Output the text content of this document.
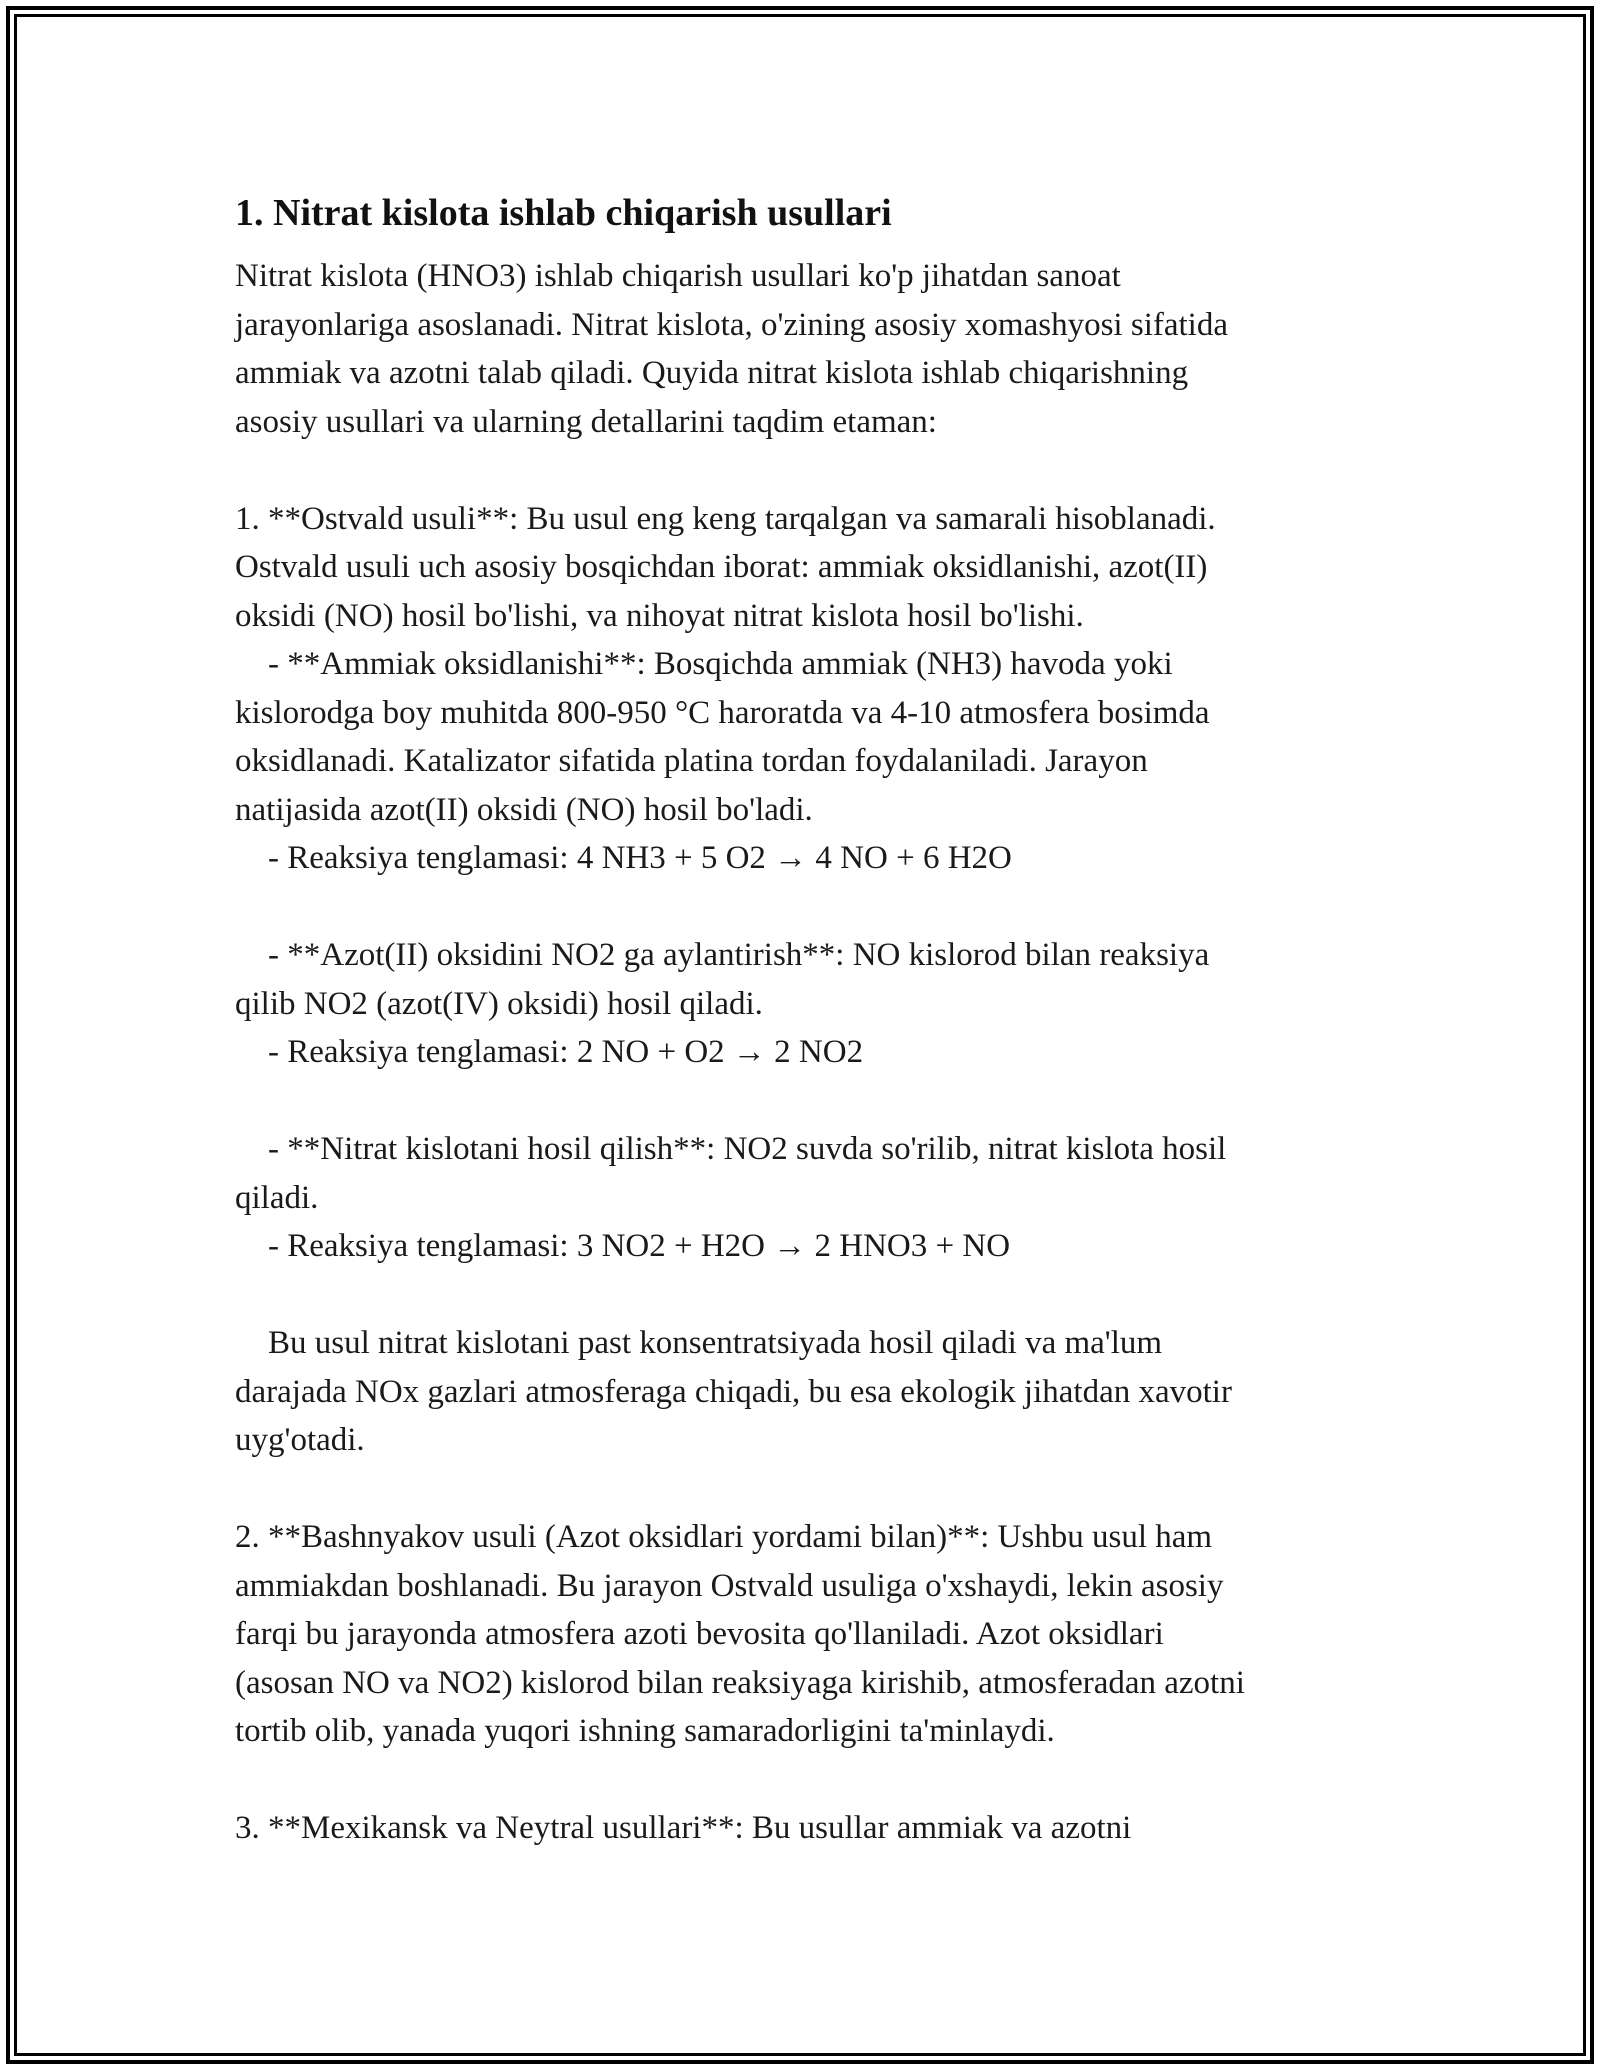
1. Nitrat kislota ishlab chiqarish usullari

Nitrat kislota (HNO3) ishlab chiqarish usullari ko'p jihatdan sanoat
jarayonlariga asoslanadi. Nitrat kislota, o'zining asosiy xomashyosi sifatida
ammiak va azotni talab qiladi. Quyida nitrat kislota ishlab chiqarishning
asosiy usullari va ularning detallarini taqdim etaman:

1. **Ostvald usuli**: Bu usul eng keng tarqalgan va samarali hisoblanadi.
Ostvald usuli uch asosiy bosqichdan iborat: ammiak oksidlanishi, azot(II)
oksidi (NO) hosil bo'lishi, va nihoyat nitrat kislota hosil bo'lishi.
- **Ammiak oksidlanishi**: Bosqichda ammiak (NH3) havoda yoki
kislorodga boy muhitda 800-950 °C haroratda va 4-10 atmosfera bosimda
oksidlanadi. Katalizator sifatida platina tordan foydalaniladi. Jarayon
natijasida azot(II) oksidi (NO) hosil bo'ladi.
- Reaksiya tenglamasi: 4 NH3 + 5 O2 → 4 NO + 6 H2O

- **Azot(II) oksidini NO2 ga aylantirish**: NO kislorod bilan reaksiya
qilib NO2 (azot(IV) oksidi) hosil qiladi.
- Reaksiya tenglamasi: 2 NO + O2 → 2 NO2

- **Nitrat kislotani hosil qilish**: NO2 suvda so'rilib, nitrat kislota hosil
qiladi.
- Reaksiya tenglamasi: 3 NO2 + H2O → 2 HNO3 + NO

Bu usul nitrat kislotani past konsentratsiyada hosil qiladi va ma'lum
darajada NOx gazlari atmosferaga chiqadi, bu esa ekologik jihatdan xavotir
uyg'otadi.

2. **Bashnyakov usuli (Azot oksidlari yordami bilan)**: Ushbu usul ham
ammiakdan boshlanadi. Bu jarayon Ostvald usuliga o'xshaydi, lekin asosiy
farqi bu jarayonda atmosfera azoti bevosita qo'llaniladi. Azot oksidlari
(asosan NO va NO2) kislorod bilan reaksiyaga kirishib, atmosferadan azotni
tortib olib, yanada yuqori ishning samaradorligini ta'minlaydi.

3. **Mexikansk va Neytral usullari**: Bu usullar ammiak va azotni
